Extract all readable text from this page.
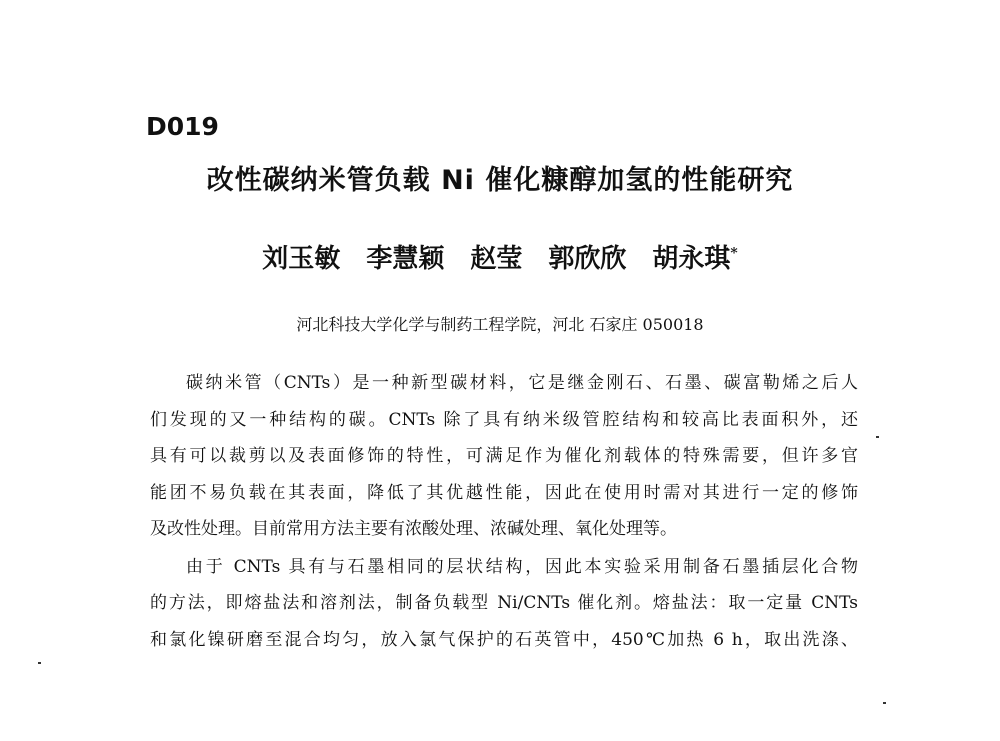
D019
改性碳纳米管负载 Ni 催化糠醇加氢的性能研究
刘玉敏 李慧颖 赵莹 郭欣欣 胡永琪*
河北科技大学化学与制药工程学院，河北 石家庄 050018
碳纳米管（CNTs）是一种新型碳材料，它是继金刚石、石墨、碳富勒烯之后人
们发现的又一种结构的碳。CNTs 除了具有纳米级管腔结构和较高比表面积外，还
具有可以裁剪以及表面修饰的特性，可满足作为催化剂载体的特殊需要，但许多官
能团不易负载在其表面，降低了其优越性能，因此在使用时需对其进行一定的修饰
及改性处理。目前常用方法主要有浓酸处理、浓碱处理、氧化处理等。
由于 CNTs 具有与石墨相同的层状结构，因此本实验采用制备石墨插层化合物
的方法，即熔盐法和溶剂法，制备负载型 Ni/CNTs 催化剂。熔盐法：取一定量 CNTs
和氯化镍研磨至混合均匀，放入氯气保护的石英管中，450℃加热 6 h，取出洗涤、
